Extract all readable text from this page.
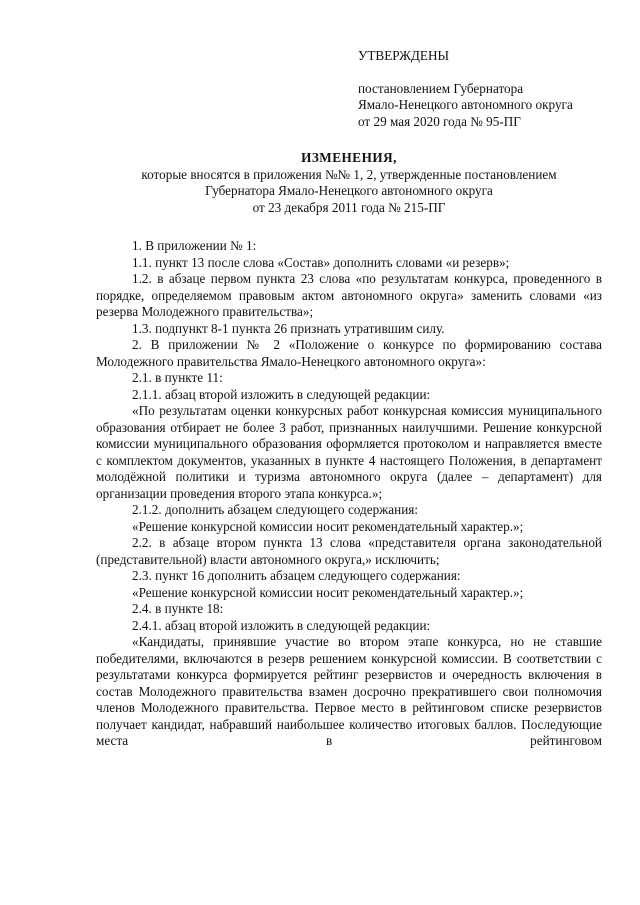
УТВЕРЖДЕНЫ
постановлением Губернатора
Ямало-Ненецкого автономного округа
от 29 мая 2020 года № 95-ПГ
ИЗМЕНЕНИЯ,
которые вносятся в приложения №№ 1, 2, утвержденные постановлением
Губернатора Ямало-Ненецкого автономного округа
от 23 декабря 2011 года № 215-ПГ

1. В приложении № 1:

1.1. пункт 13 после слова «Состав» дополнить словами «и резерв»;

1.2. в абзаце первом пункта 23 слова «по результатам конкурса, проведенного в порядке, определяемом правовым актом автономного округа» заменить словами «из резерва Молодежного правительства»;

1.3. подпункт 8-1 пункта 26 признать утратившим силу.

2. В приложении № 2 «Положение о конкурсе по формированию состава Молодежного правительства Ямало-Ненецкого автономного округа»:

2.1. в пункте 11:

2.1.1. абзац второй изложить в следующей редакции:

«По результатам оценки конкурсных работ конкурсная комиссия муниципального образования отбирает не более 3 работ, признанных наилучшими. Решение конкурсной комиссии муниципального образования оформляется протоколом и направляется вместе с комплектом документов, указанных в пункте 4 настоящего Положения, в департамент молодёжной политики и туризма автономного округа (далее – департамент) для организации проведения второго этапа конкурса.»;

2.1.2. дополнить абзацем следующего содержания:

«Решение конкурсной комиссии носит рекомендательный характер.»;

2.2. в абзаце втором пункта 13 слова «представителя органа законодательной (представительной) власти автономного округа,» исключить;

2.3. пункт 16 дополнить абзацем следующего содержания:

«Решение конкурсной комиссии носит рекомендательный характер.»;

2.4. в пункте 18:

2.4.1. абзац второй изложить в следующей редакции:

«Кандидаты, принявшие участие во втором этапе конкурса, но не ставшие победителями, включаются в резерв решением конкурсной комиссии. В соответствии с результатами конкурса формируется рейтинг резервистов и очередность включения в состав Молодежного правительства взамен досрочно прекратившего свои полномочия членов Молодежного правительства. Первое место в рейтинговом списке резервистов получает кандидат, набравший наибольшее количество итоговых баллов. Последующие места в рейтинговом
